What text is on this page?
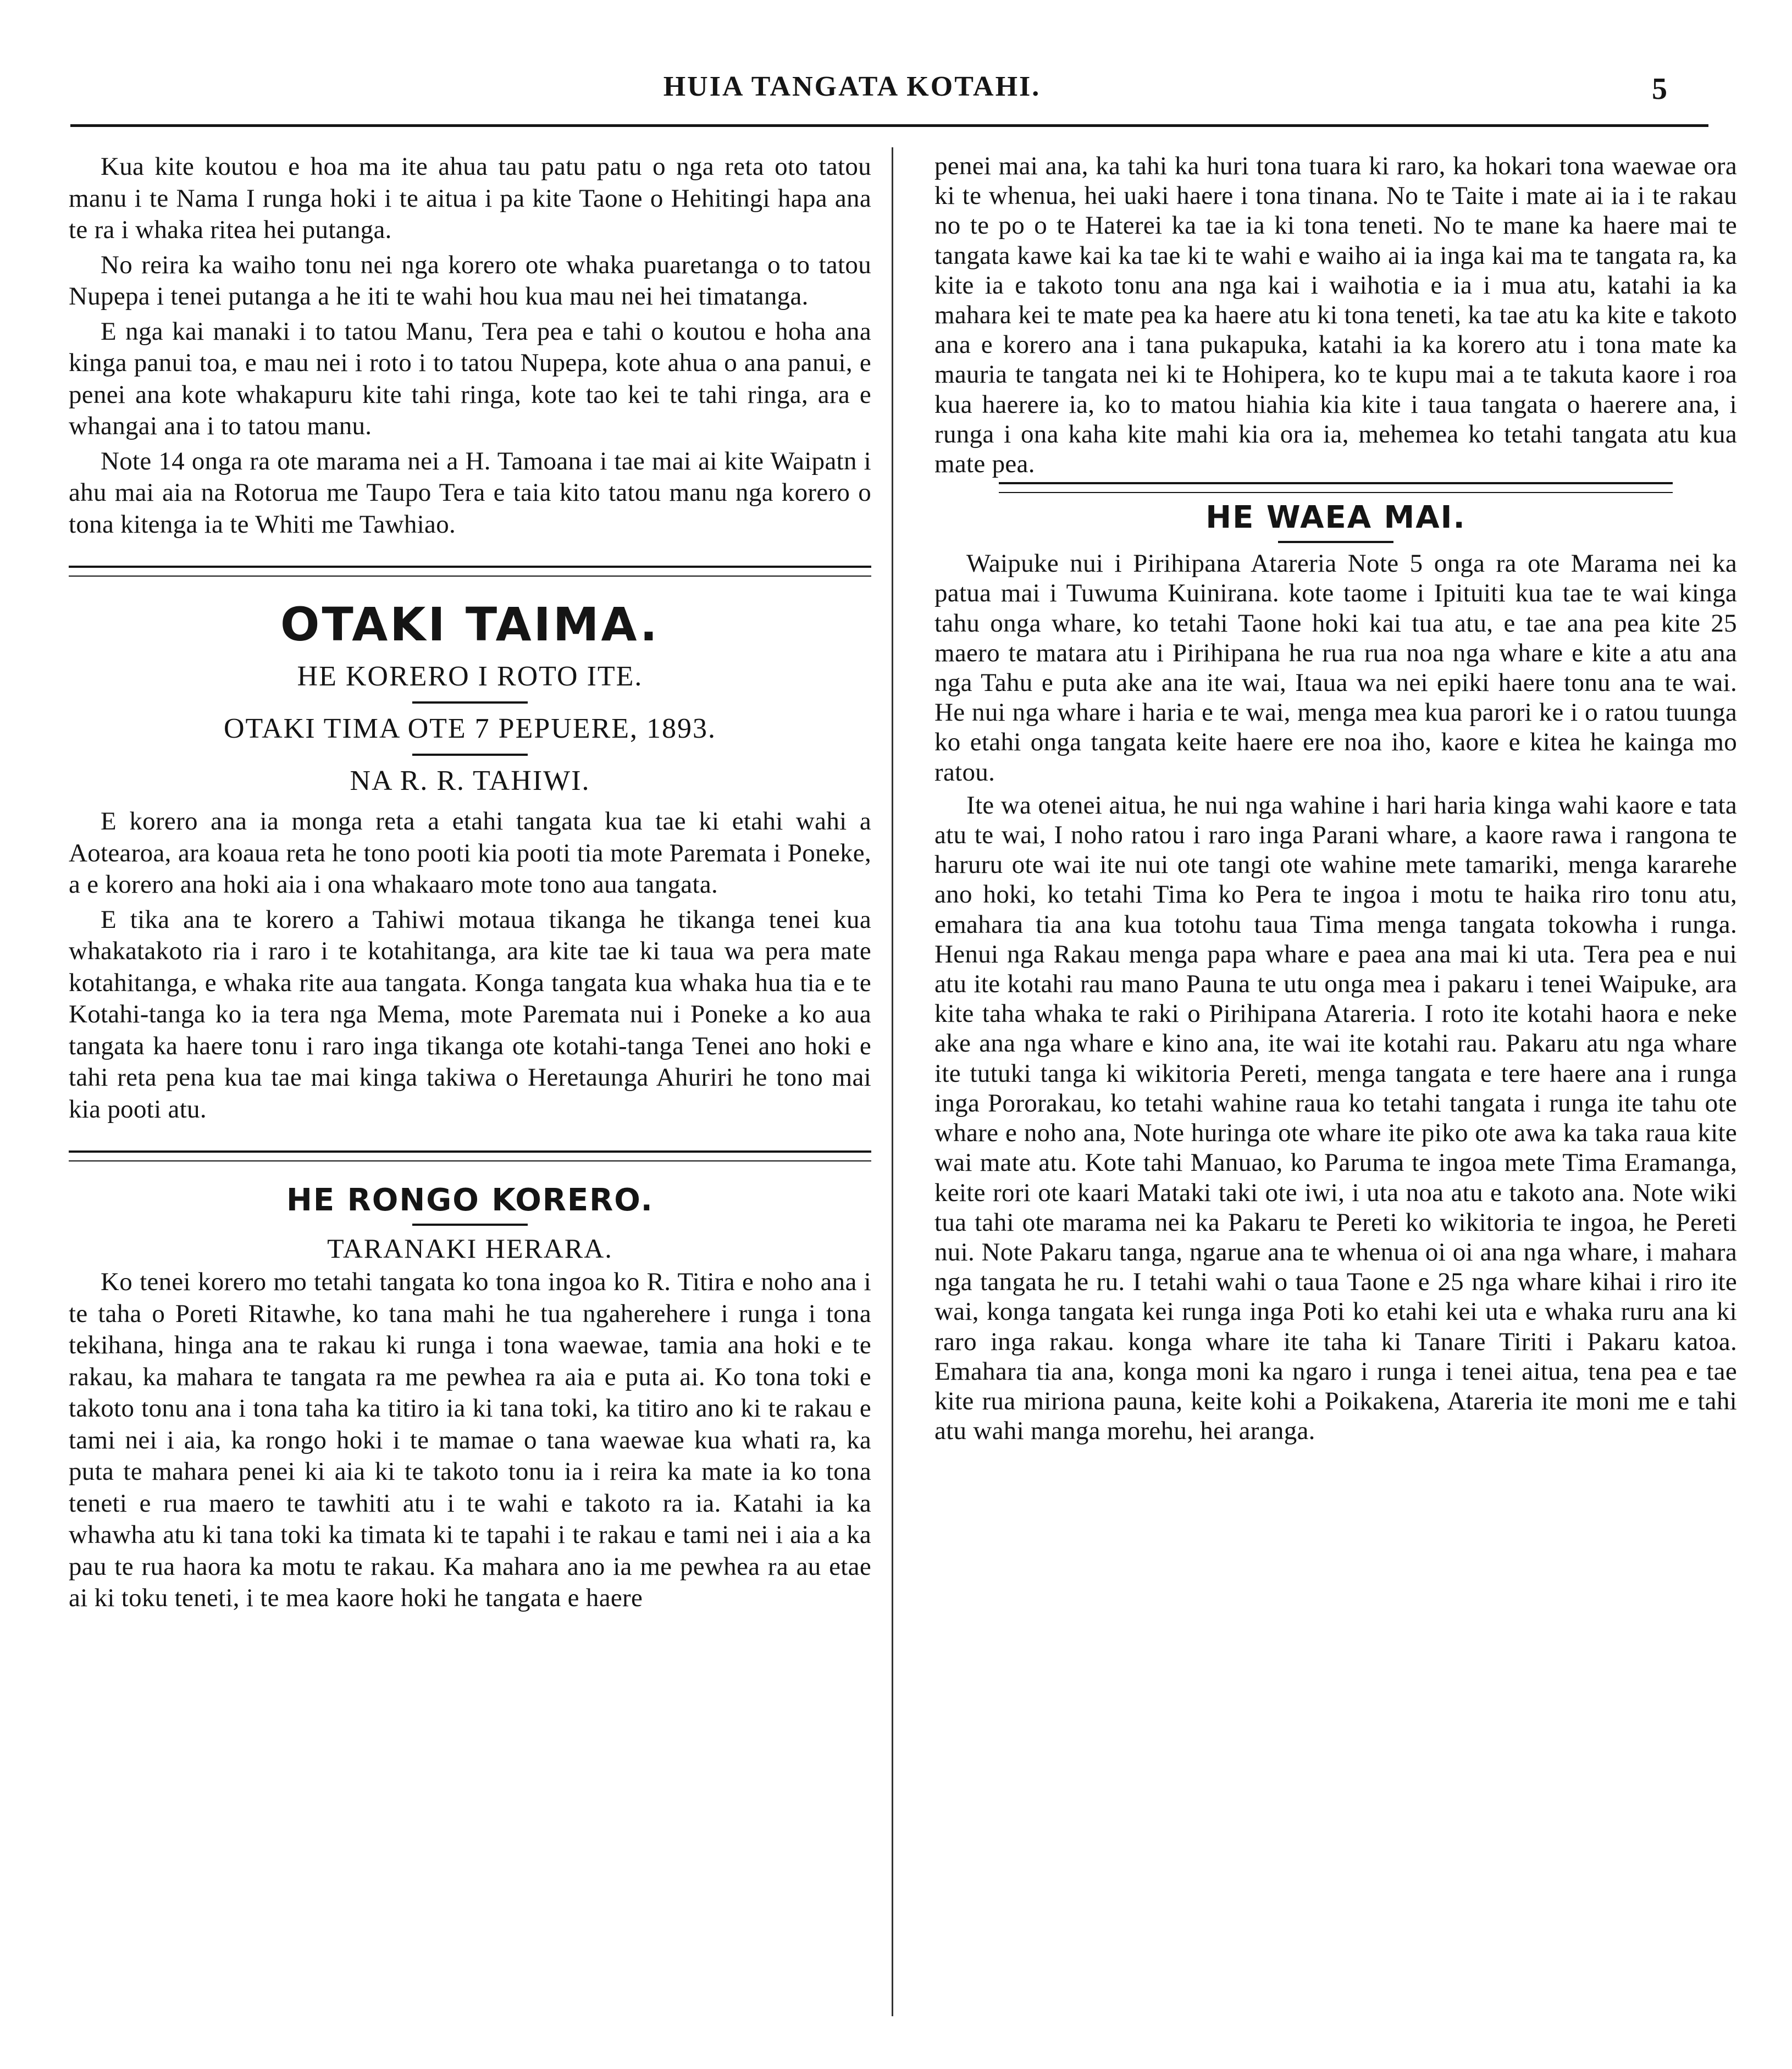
HUIA TANGATA KOTAHI.	5

Kua kite koutou e hoa ma ite ahua tau patu patu o nga reta oto tatou manu i te Nama I runga hoki i te aitua i pa kite Taone o Hehitingi hapa ana te ra i whaka ritea hei putanga.

No reira ka waiho tonu nei nga korero ote whaka puaretanga o to tatou Nupepa i tenei putanga a he iti te wahi hou kua mau nei hei timatanga.

E nga kai manaki i to tatou Manu, Tera pea e tahi o koutou e hoha ana kinga panui toa, e mau nei i roto i to tatou Nupepa, kote ahua o ana panui, e penei ana kote whakapuru kite tahi ringa, kote tao kei te tahi ringa, ara e whangai ana i to tatou manu.

Note 14 onga ra ote marama nei a H. Tamoana i tae mai ai kite Waipatn i ahu mai aia na Rotorua me Taupo Tera e taia kito tatou manu nga korero o tona kitenga ia te Whiti me Tawhiao.

OTAKI TAIMA.
HE KORERO I ROTO ITE.
OTAKI TIMA OTE 7 PEPUERE, 1893.
NA R. R. TAHIWI.

E korero ana ia monga reta a etahi tangata kua tae ki etahi wahi a Aotearoa, ara koaua reta he tono pooti kia pooti tia mote Paremata i Poneke, a e korero ana hoki aia i ona whakaaro mote tono aua tangata.

E tika ana te korero a Tahiwi motaua tikanga he tikanga tenei kua whakatakoto ria i raro i te kotahitanga, ara kite tae ki taua wa pera mate kotahitanga, e whaka rite aua tangata. Konga tangata kua whaka hua tia e te Kotahi-tanga ko ia tera nga Mema, mote Paremata nui i Poneke a ko aua tangata ka haere tonu i raro inga tikanga ote kotahi-tanga Tenei ano hoki e tahi reta pena kua tae mai kinga takiwa o Heretaunga Ahuriri he tono mai kia pooti atu.

HE RONGO KORERO.
TARANAKI HERARA.

Ko tenei korero mo tetahi tangata ko tona ingoa ko R. Titira e noho ana i te taha o Poreti Ritawhe, ko tana mahi he tua ngaherehere i runga i tona tekihana, hinga ana te rakau ki runga i tona waewae, tamia ana hoki e te rakau, ka mahara te tangata ra me pewhea ra aia e puta ai. Ko tona toki e takoto tonu ana i tona taha ka titiro ia ki tana toki, ka titiro ano ki te rakau e tami nei i aia, ka rongo hoki i te mamae o tana waewae kua whati ra, ka puta te mahara penei ki aia ki te takoto tonu ia i reira ka mate ia ko tona teneti e rua maero te tawhiti atu i te wahi e takoto ra ia. Katahi ia ka whawha atu ki tana toki ka timata ki te tapahi i te rakau e tami nei i aia a ka pau te rua haora ka motu te rakau. Ka mahara ano ia me pewhea ra au etae ai ki toku teneti, i te mea kaore hoki he tangata e haere

penei mai ana, ka tahi ka huri tona tuara ki raro, ka hokari tona waewae ora ki te whenua, hei uaki haere i tona tinana. No te Taite i mate ai ia i te rakau no te po o te Haterei ka tae ia ki tona teneti. No te mane ka haere mai te tangata kawe kai ka tae ki te wahi e waiho ai ia inga kai ma te tangata ra, ka kite ia e takoto tonu ana nga kai i waihotia e ia i mua atu, katahi ia ka mahara kei te mate pea ka haere atu ki tona teneti, ka tae atu ka kite e takoto ana e korero ana i tana pukapuka, katahi ia ka korero atu i tona mate ka mauria te tangata nei ki te Hohipera, ko te kupu mai a te takuta kaore i roa kua haerere ia, ko to matou hiahia kia kite i taua tangata o haerere ana, i runga i ona kaha kite mahi kia ora ia, mehemea ko tetahi tangata atu kua mate pea.

HE WAEA MAI.

Waipuke nui i Pirihipana Atareria Note 5 onga ra ote Marama nei ka patua mai i Tuwuma Kuinirana. kote taome i Ipituiti kua tae te wai kinga tahu onga whare, ko tetahi Taone hoki kai tua atu, e tae ana pea kite 25 maero te matara atu i Pirihipana he rua rua noa nga whare e kite a atu ana nga Tahu e puta ake ana ite wai, Itaua wa nei epiki haere tonu ana te wai. He nui nga whare i haria e te wai, menga mea kua parori ke i o ratou tuunga ko etahi onga tangata keite haere ere noa iho, kaore e kitea he kainga mo ratou.

Ite wa otenei aitua, he nui nga wahine i hari haria kinga wahi kaore e tata atu te wai, I noho ratou i raro inga Parani whare, a kaore rawa i rangona te haruru ote wai ite nui ote tangi ote wahine mete tamariki, menga kararehe ano hoki, ko tetahi Tima ko Pera te ingoa i motu te haika riro tonu atu, emahara tia ana kua totohu taua Tima menga tangata tokowha i runga. Henui nga Rakau menga papa whare e paea ana mai ki uta. Tera pea e nui atu ite kotahi rau mano Pauna te utu onga mea i pakaru i tenei Waipuke, ara kite taha whaka te raki o Pirihipana Atareria. I roto ite kotahi haora e neke ake ana nga whare e kino ana, ite wai ite kotahi rau. Pakaru atu nga whare ite tutuki tanga ki wikitoria Pereti, menga tangata e tere haere ana i runga inga Pororakau, ko tetahi wahine raua ko tetahi tangata i runga ite tahu ote whare e noho ana, Note huringa ote whare ite piko ote awa ka taka raua kite wai mate atu. Kote tahi Manuao, ko Paruma te ingoa mete Tima Eramanga, keite rori ote kaari Mataki taki ote iwi, i uta noa atu e takoto ana. Note wiki tua tahi ote marama nei ka Pakaru te Pereti ko wikitoria te ingoa, he Pereti nui. Note Pakaru tanga, ngarue ana te whenua oi oi ana nga whare, i mahara nga tangata he ru. I tetahi wahi o taua Taone e 25 nga whare kihai i riro ite wai, konga tangata kei runga inga Poti ko etahi kei uta e whaka ruru ana ki raro inga rakau. konga whare ite taha ki Tanare Tiriti i Pakaru katoa. Emahara tia ana, konga moni ka ngaro i runga i tenei aitua, tena pea e tae kite rua miriona pauna, keite kohi a Poikakena, Atareria ite moni me e tahi atu wahi manga morehu, hei aranga.
